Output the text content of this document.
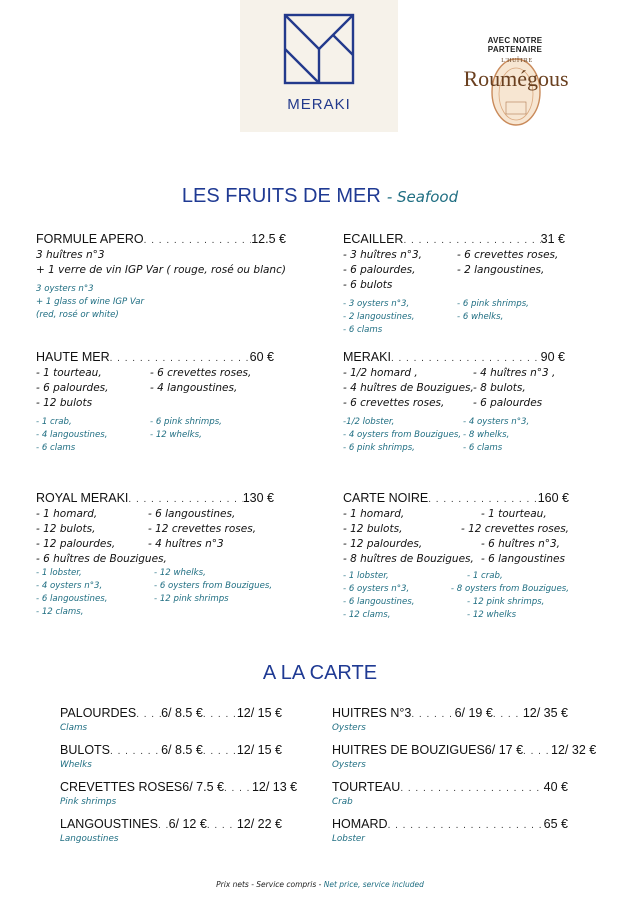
MERAKI
AVEC NOTRE PARTENAIRE
L'HUÎTRE
Roumégous
LES FRUITS DE MER - Seafood
FORMULE APERO . . .	12.5 €
3 huîtres n°3
+ 1 verre de vin IGP Var ( rouge, rosé ou blanc)
3 oysters n°3
+ 1 glass of wine IGP Var
(red, rosé or white)
ECAILLER . . .	31 €
- 3 huîtres n°3,	- 6 crevettes roses,
- 6 palourdes,	- 2 langoustines,
- 6 bulots
- 3 oysters n°3,	- 6 pink shrimps,
- 2 langoustines,	- 6 whelks,
- 6 clams
HAUTE MER . . .	60 €
- 1 tourteau,	- 6 crevettes roses,
- 6 palourdes,	- 4 langoustines,
- 12 bulots
- 1 crab,	- 6 pink shrimps,
- 4 langoustines,	- 12 whelks,
- 6 clams
MERAKI . . .	90 €
- 1/2 homard ,	- 4 huîtres n°3 ,
- 4 huîtres de Bouzigues, - 8 bulots,
- 6 crevettes roses,	- 6 palourdes
-1/2 lobster,	- 4 oysters n°3,
- 4 oysters from Bouzigues, - 8 whelks,
- 6 pink shrimps,	- 6 clams
ROYAL MERAKI . . .	130 €
- 1 homard,	- 6 langoustines,
- 12 bulots,	- 12 crevettes roses,
- 12 palourdes,	- 4 huîtres n°3
- 6 huîtres de Bouzigues,
- 1 lobster,	- 12 whelks,
- 4 oysters n°3,	- 6 oysters from Bouzigues,
- 6 langoustines,	- 12 pink shrimps
- 12 clams,
CARTE NOIRE . . .	160 €
- 1 homard,	- 1 tourteau,
- 12 bulots,	- 12 crevettes roses,
- 12 palourdes,	- 6 huîtres n°3,
- 8 huîtres de Bouzigues, - 6 langoustines
- 1 lobster,	- 1 crab,
- 6 oysters n°3,	- 8 oysters from Bouzigues,
- 6 langoustines,	- 12 pink shrimps,
- 12 clams,	- 12 whelks
A LA CARTE
PALOURDES . . . 6/ 8.5 € . . . . . 12/ 15 €
Clams
BULOTS . . .	6/ 8.5 € . . . . . 12/ 15 €
Whelks
CREVETTES ROSES 6/ 7.5 € . . . . 12/ 13 €
Pink shrimps
LANGOUSTINES . . . 6/ 12 € . . . . 12/ 22 €
Langoustines
HUITRES N°3 . . .	6/ 19 € . . . . 12/ 35 €
Oysters
HUITRES DE BOUZIGUES 6/ 17 € . . . . 12/ 32 €
Oysters
TOURTEAU . . .	40 €
Crab
HOMARD . . .	65 €
Lobster
Prix nets - Service compris - Net price, service included
